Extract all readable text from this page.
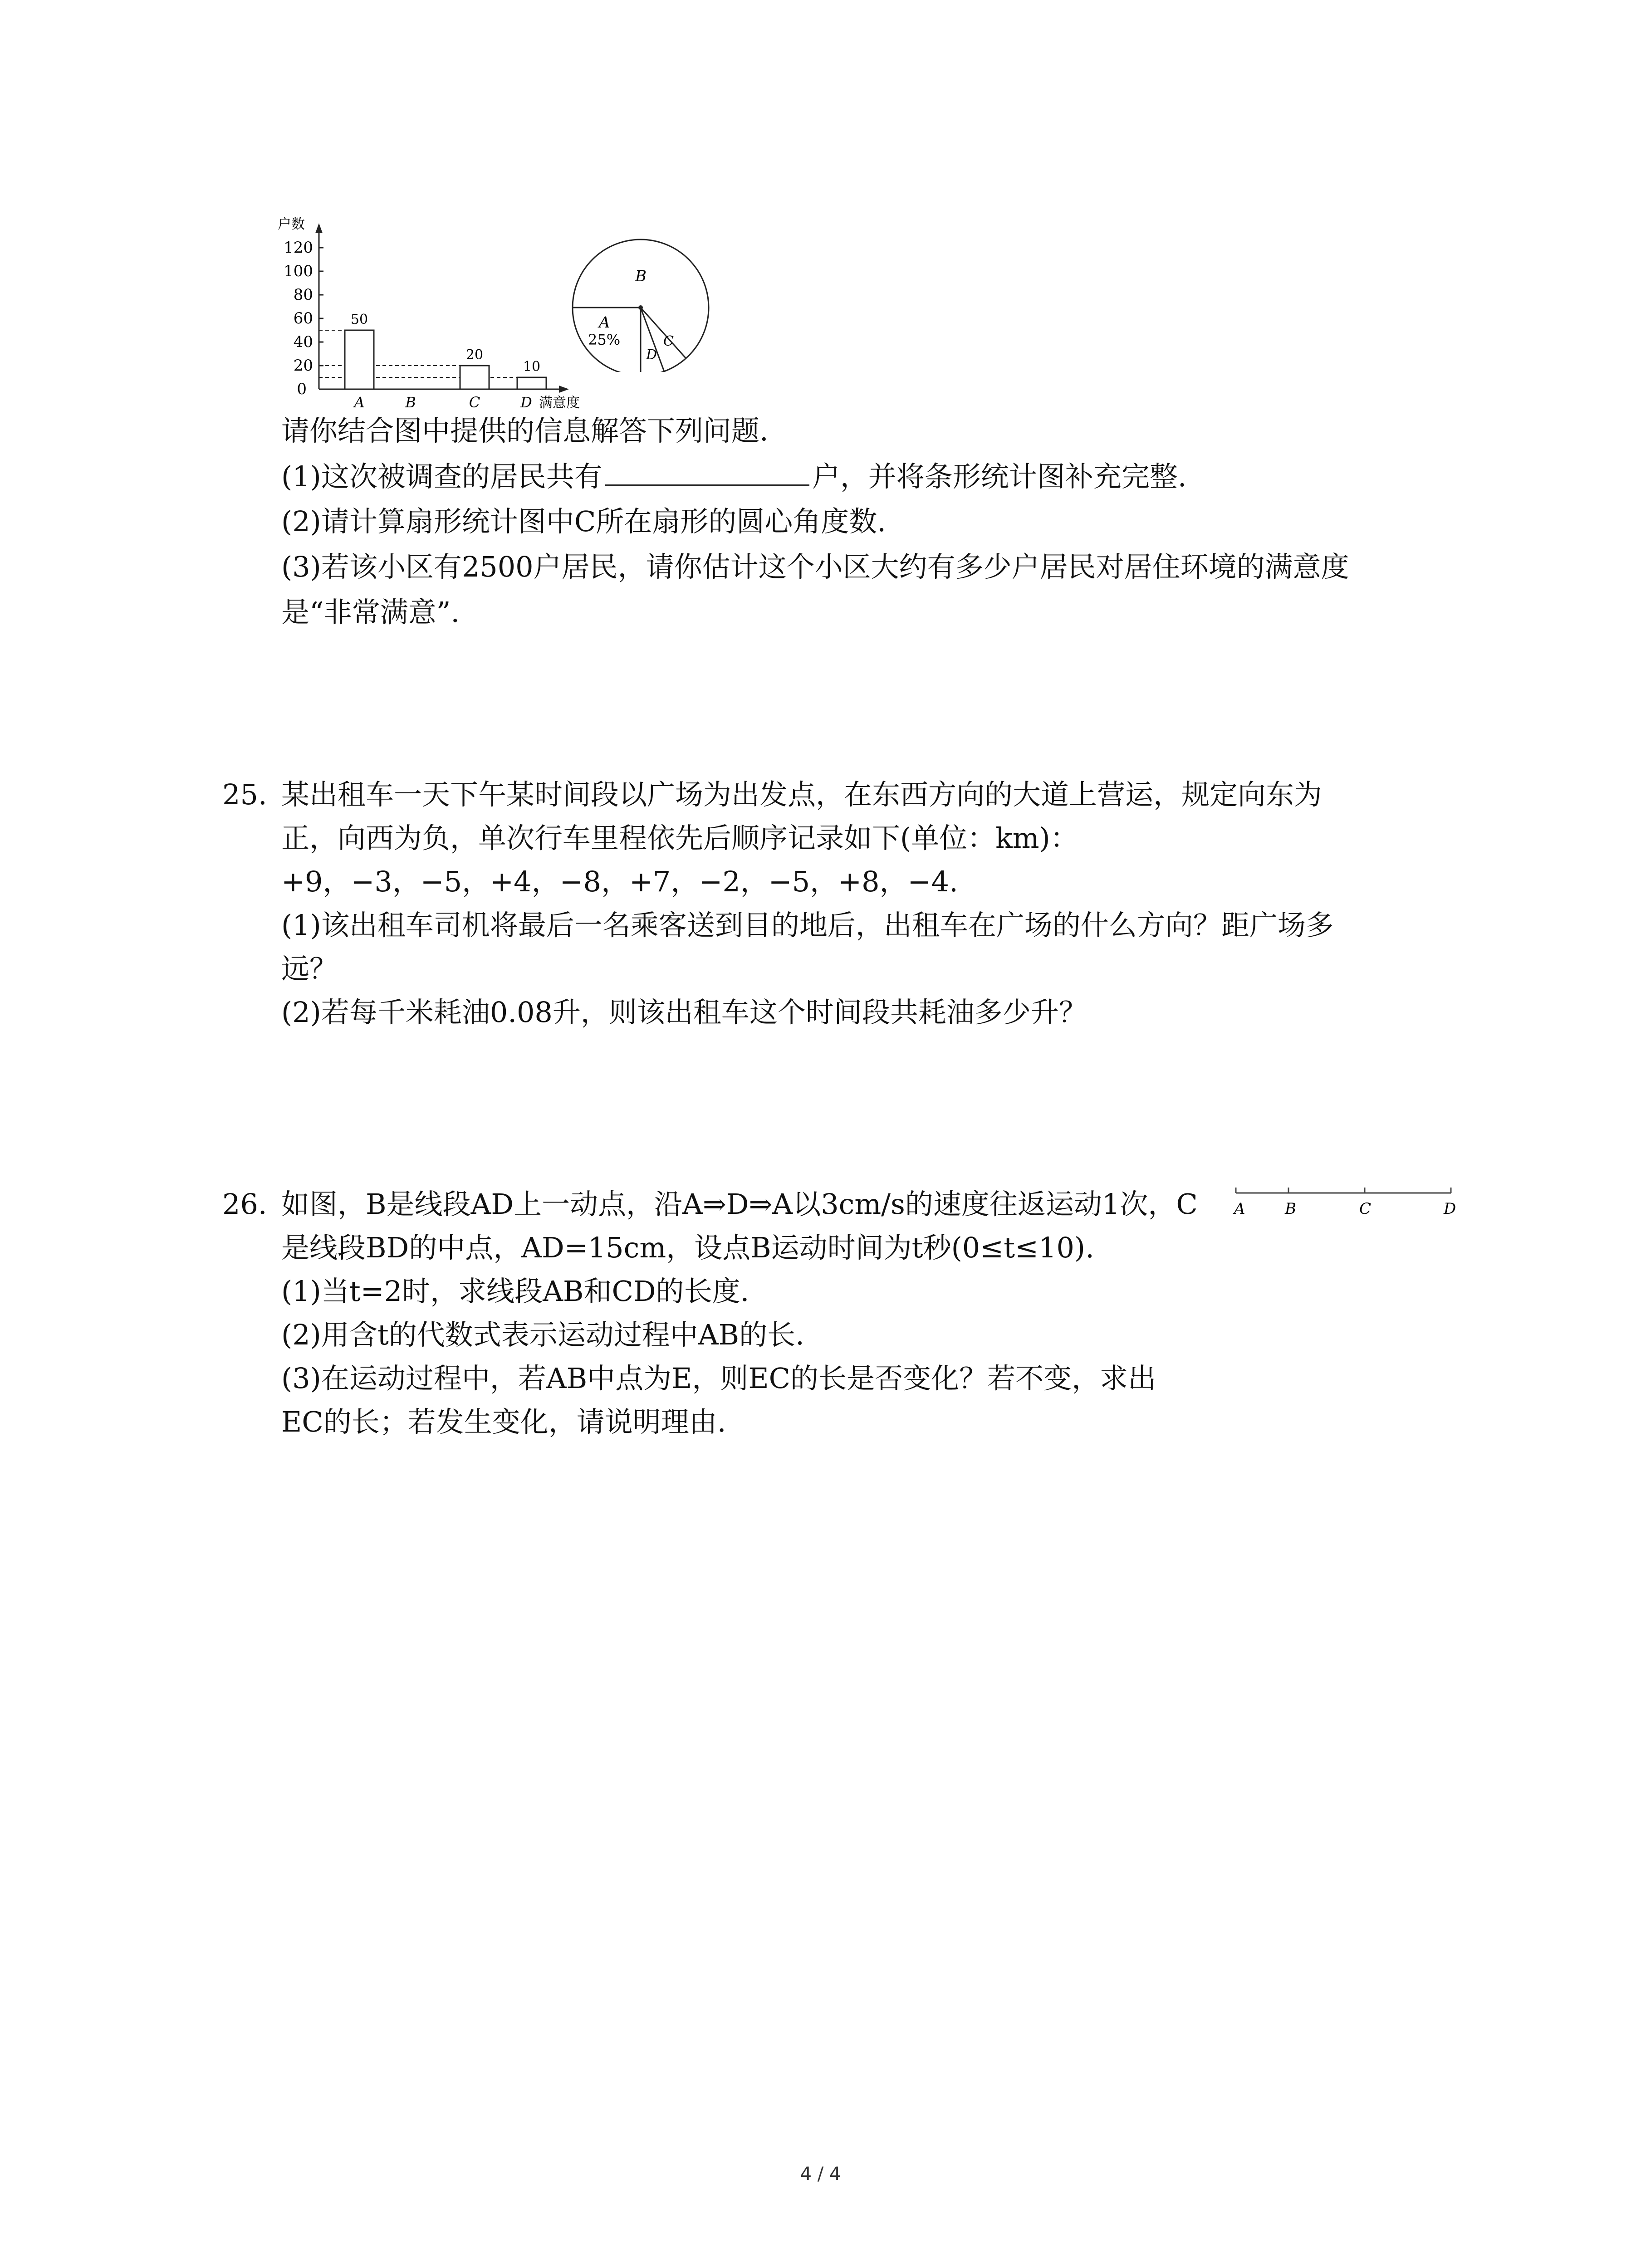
户数
0
20
40
60
80
100
120
50
20
10
A	B	C	D 满意度
B
A
25%
D
C
请你结合图中提供的信息解答下列问题.
(1)这次被调查的居民共有	户，并将条形统计图补充完整.
(2)请计算扇形统计图中C所在扇形的圆心角度数.
(3)若该小区有2500户居民，请你估计这个小区大约有多少户居民对居住环境的满意度
是“非常满意”.
25. 某出租车一天下午某时间段以广场为出发点，在东西方向的大道上营运，规定向东为
正，向西为负，单次行车里程依先后顺序记录如下(单位：km)：
+9，−3，−5，+4，−8，+7，−2，−5，+8，−4.
(1)该出租车司机将最后一名乘客送到目的地后，出租车在广场的什么方向？距广场多
远？
(2)若每千米耗油0.08升，则该出租车这个时间段共耗油多少升？
26. 如图，B是线段AD上一动点，沿A⇒D⇒A以3cm/s的速度往返运动1次，C
是线段BD的中点，AD=15cm，设点B运动时间为t秒(0≤t≤10).
(1)当t=2时，求线段AB和CD的长度.
(2)用含t的代数式表示运动过程中AB的长.
(3)在运动过程中，若AB中点为E，则EC的长是否变化？若不变，求出
EC的长；若发生变化，请说明理由.
A	B	C	D
4 / 4
